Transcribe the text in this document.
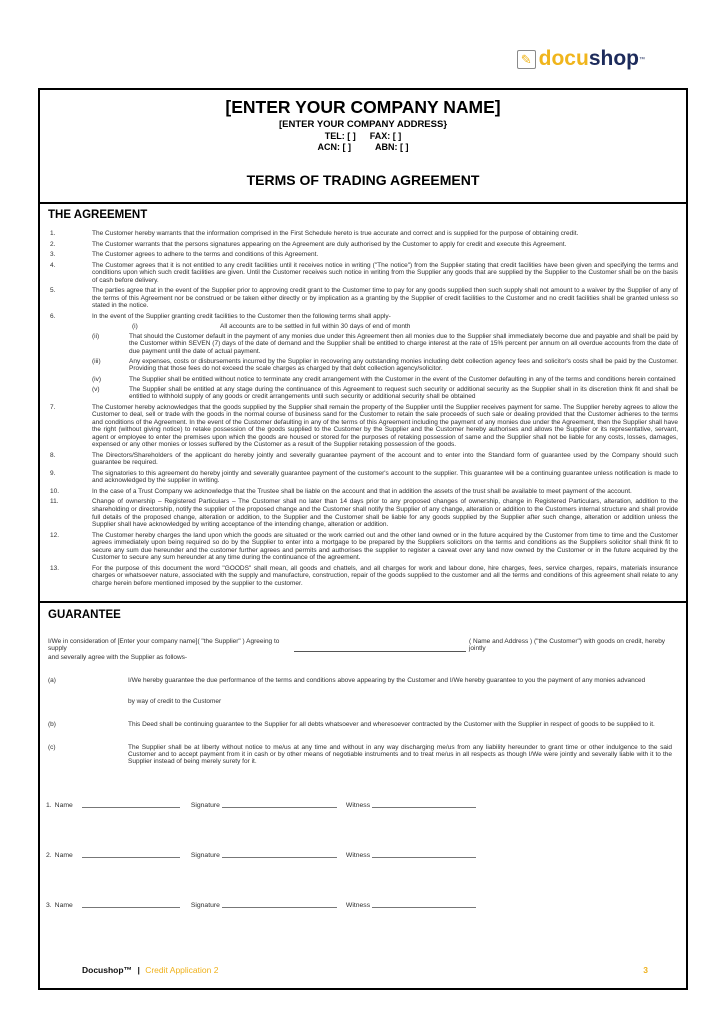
✎ docu shop ™
[ENTER YOUR COMPANY NAME]
[ENTER YOUR COMPANY ADDRESS}
TEL: [ ] FAX: [ ]
ACN: [ ]	ABN: [ ]
TERMS OF TRADING AGREEMENT
THE AGREEMENT
1.	The Customer hereby warrants that the information comprised in the First Schedule hereto is true accurate and correct and is supplied for the purpose of obtaining credit.
2.	The Customer warrants that the persons signatures appearing on the Agreement are duly authorised by the Customer to apply for credit and execute this Agreement.
3.	The Customer agrees to adhere to the terms and conditions of this Agreement.
4.	The Customer agrees that it is not entitled to any credit facilities until it receives notice in writing ("The notice") from the Supplier stating that credit facilities have been given and specifying the terms and conditions upon which such credit facilities are given. Until the Customer receives such notice in writing from the Supplier any goods that are supplied by the Supplier to the Customer shall be on the basis of cash before delivery.
5.	The parties agree that in the event of the Supplier prior to approving credit grant to the Customer time to pay for any goods supplied then such supply shall not amount to a waiver by the Supplier of any of the terms of this Agreement nor be construed or be taken either directly or by implication as a granting by the Supplier of credit facilities to the Customer and no credit facilities shall be granted unless so stated in the notice.
6.	In the event of the Supplier granting credit facilities to the Customer then the following terms shall apply-
(i)	All accounts are to be settled in full within 30 days of end of month
(ii)	That should the Customer default in the payment of any monies due under this Agreement then all monies due to the Supplier shall immediately become due and payable and shall be paid by the Customer within SEVEN (7) days of the date of demand and the Supplier shall be entitled to charge interest at the rate of 15% percent per annum on all overdue accounts from the date of due payment until the date of actual payment.
(iii)	Any expenses, costs or disbursements incurred by the Supplier in recovering any outstanding monies including debt collection agency fees and solicitor's costs shall be paid by the Customer. Providing that those fees do not exceed the scale charges as charged by that debt collection agency/solicitor.
(iv)	The Supplier shall be entitled without notice to terminate any credit arrangement with the Customer in the event of the Customer defaulting in any of the terms and conditions herein contained
(v)	The Supplier shall be entitled at any stage during the continuance of this Agreement to request such security or additional security as the Supplier shall in its discretion think fit and shall be entitled to withhold supply of any goods or credit arrangements until such security or additional security shall be obtained
7.	The Customer hereby acknowledges that the goods supplied by the Supplier shall remain the property of the Supplier until the Supplier receives payment for same. The Supplier hereby agrees to allow the Customer to deal, sell or trade with the goods in the normal course of business sand for the Customer to retain the sale proceeds of such sale or dealing provided that the Customer adheres to the terms and conditions of the Agreement. In the event of the Customer defaulting in any of the terms of this Agreement including the payment of any monies due under the Agreement, then the Supplier shall have the right (without giving notice) to retake possession of the goods supplied to the Customer by the Supplier and the Customer hereby authorises and allows the Supplier or its representative, servant, agent or employee to enter the premises upon which the goods are housed or stored for the purposes of retaking possession of same and the Supplier shall not be liable for any costs, losses, damages, expensed or any other monies or losses suffered by the Customer as a result of the Supplier retaking possession of the goods.
8.	The Directors/Shareholders of the applicant do hereby jointly and severally guarantee payment of the account and to enter into the Standard form of guarantee used by the Company should such guarantee be required.
9.	The signatories to this agreement do hereby jointly and severally guarantee payment of the customer's account to the supplier. This guarantee will be a continuing guarantee unless notification is made to and acknowledged by the supplier in writing.
10.	In the case of a Trust Company we acknowledge that the Trustee shall be liable on the account and that in addition the assets of the trust shall be available to meet payment of the account.
11.	Change of ownership – Registered Particulars – The Customer shall no later than 14 days prior to any proposed changes of ownership, change in Registered Particulars, alteration, addition to the shareholding or directorship, notify the supplier of the proposed change and the Customer shall notify the Supplier of any change, alteration or addition to the Customers internal structure and shall provide full details of the proposed change, alteration or addition, to the Supplier and the Customer shall be liable for any goods supplied by the Supplier after such change, alteration or addition unless the Supplier shall have acknowledged by writing acceptance of the intending change, alteration or addition.
12.	The Customer hereby charges the land upon which the goods are situated or the work carried out and the other land owned or in the future acquired by the Customer from time to time and the Customer agrees immediately upon being required so do by the Supplier to enter into a mortgage to be prepared by the Suppliers solicitors on the terms and conditions as the Suppliers solicitor shall think fit to secure any sum due hereunder and the customer further agrees and permits and authorises the supplier to register a caveat over any land now owned by the Customer or in the future acquired by the Customer to secure any sum hereunder at any time during the continuance of the agreement.
13.	For the purpose of this document the word "GOODS" shall mean, all goods and chattels, and all charges for work and labour done, hire charges, fees, service charges, repairs, materials insurance charges or whatsoever nature, associated with the supply and manufacture, construction, repair of the goods supplied to the customer and all the terms and conditions of this agreement shall relate to any charge herein before mentioned imposed by the supplier to the customer.
GUARANTEE
I/We in consideration of [Enter your company name]( "the Supplier" ) Agreeing to supply
( Name and Address ) ("the Customer") with goods on credit, hereby jointly
and severally agree with the Supplier as follows-
(a)	I/We hereby guarantee the due performance of the terms and conditions above appearing by the Customer and I/We hereby guarantee to you the payment of any monies advanced
by way of credit to the Customer
(b)	This Deed shall be continuing guarantee to the Supplier for all debts whatsoever and wheresoever contracted by the Customer with the Supplier in respect of goods to be supplied to it.
(c)	The Supplier shall be at liberty without notice to me/us at any time and without in any way discharging me/us from any liability hereunder to grant time or other indulgence to the said Customer and to accept payment from it in cash or by other means of negotiable instruments and to treat me/us in all respects as though I/We were jointly and severally liable with it to the Supplier instead of being merely surety for it.
1. Name	Signature	Witness
2. Name	Signature	Witness
3. Name	Signature	Witness
Docushop™ | Credit Application 2	3
